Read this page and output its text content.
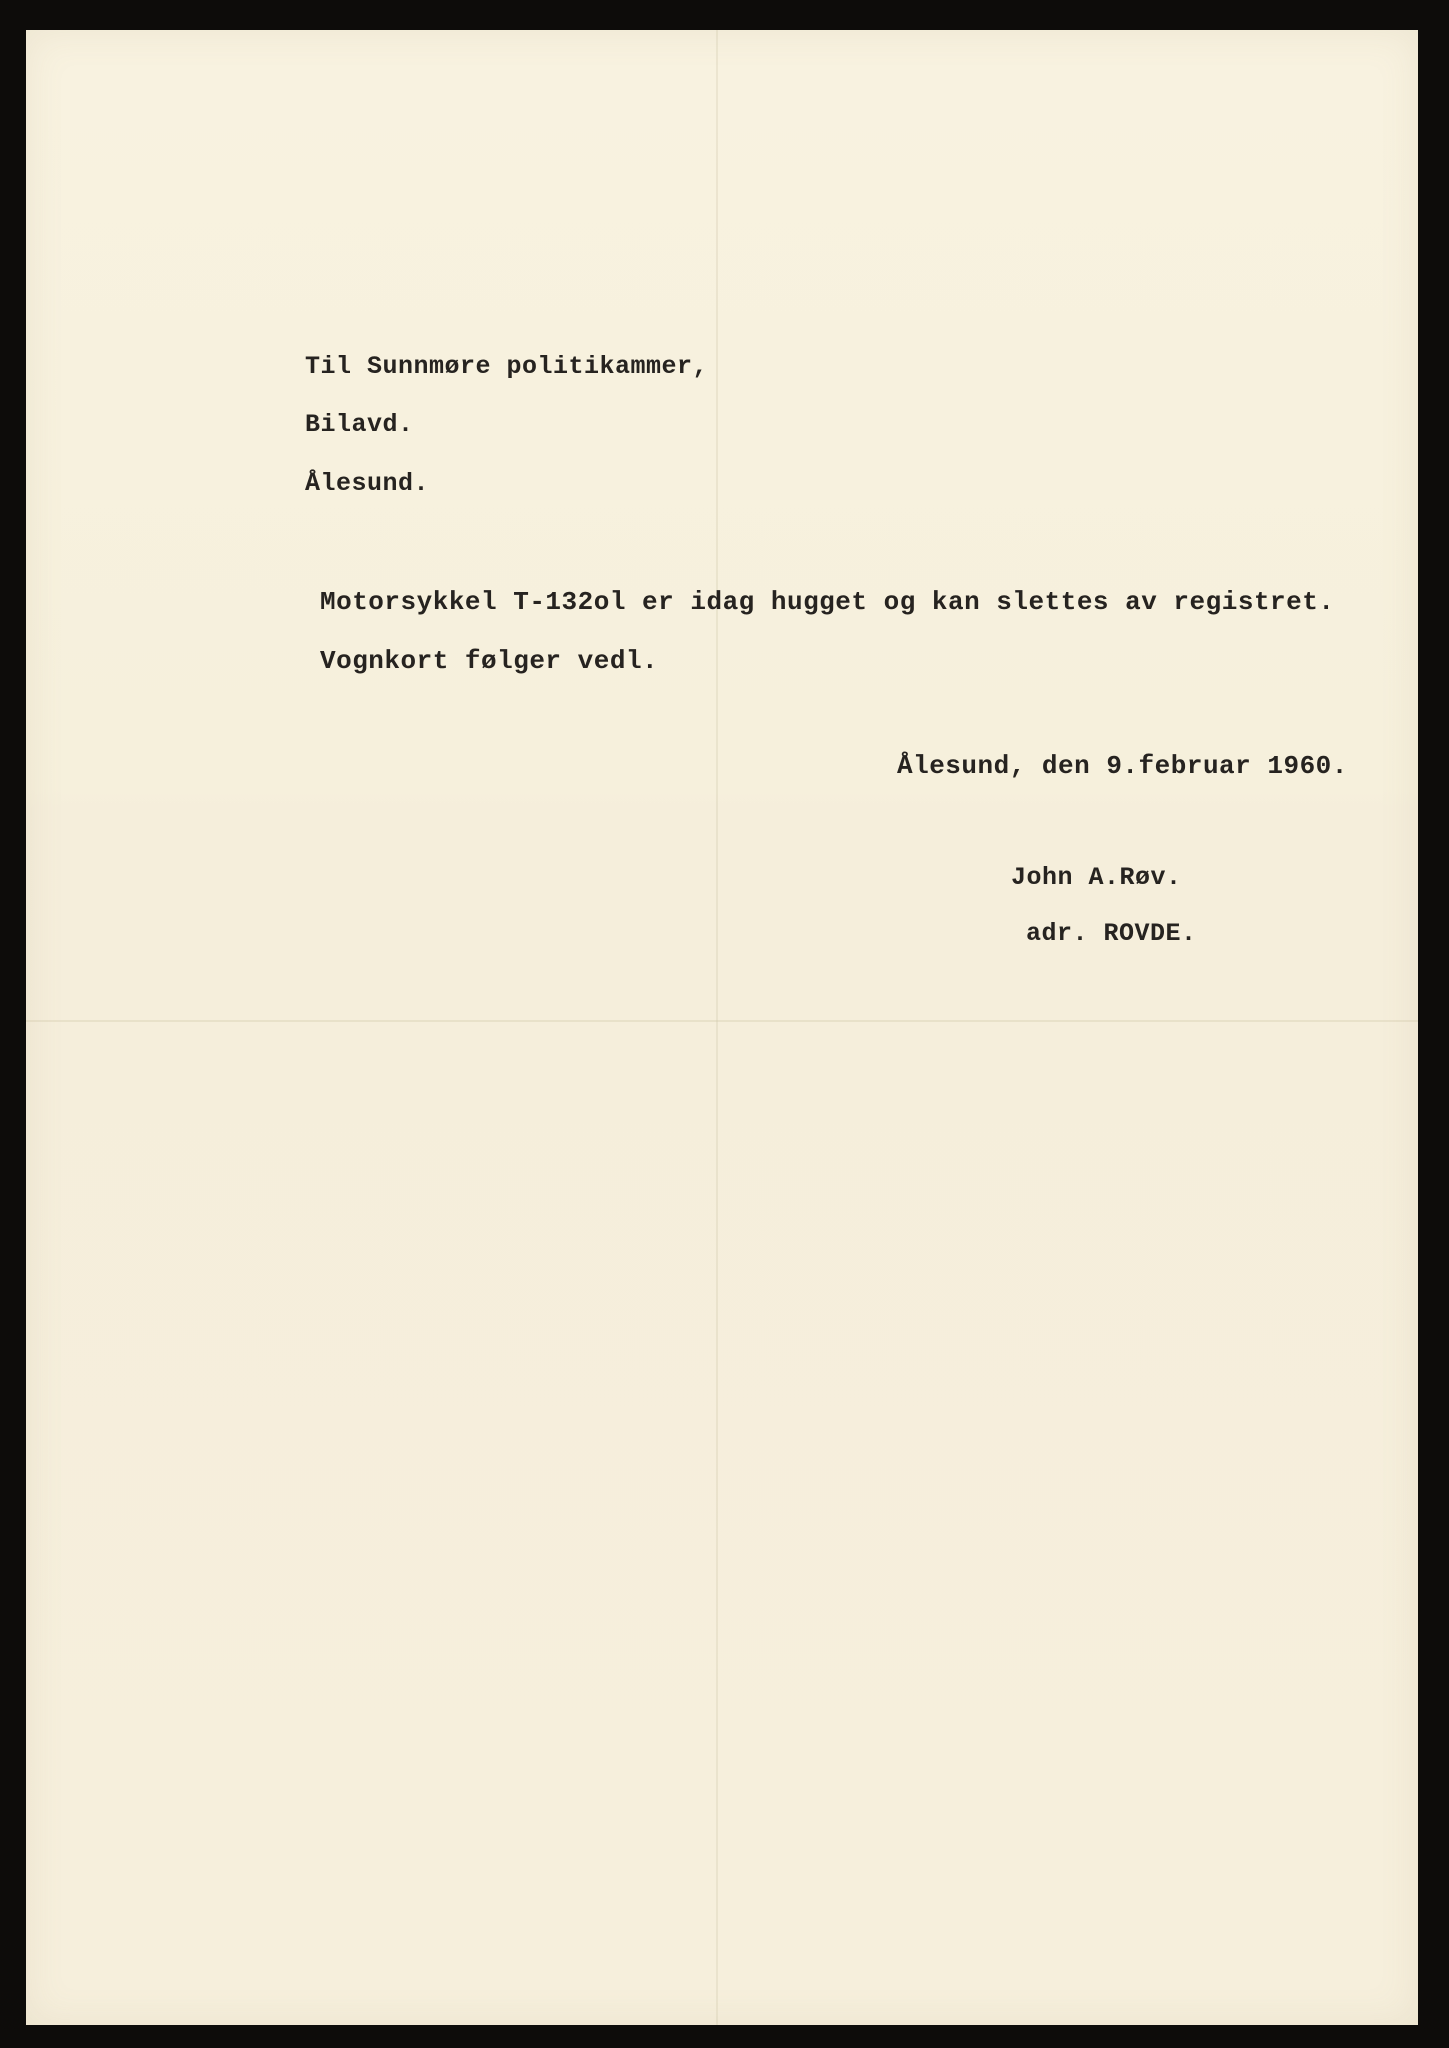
Til Sunnmøre politikammer,
Bilavd.
Ålesund.
Motorsykkel T-132ol er idag hugget og kan slettes av registret.
Vognkort følger vedl.
Ålesund, den 9.februar 1960.
John A.Røv.
adr. ROVDE.
